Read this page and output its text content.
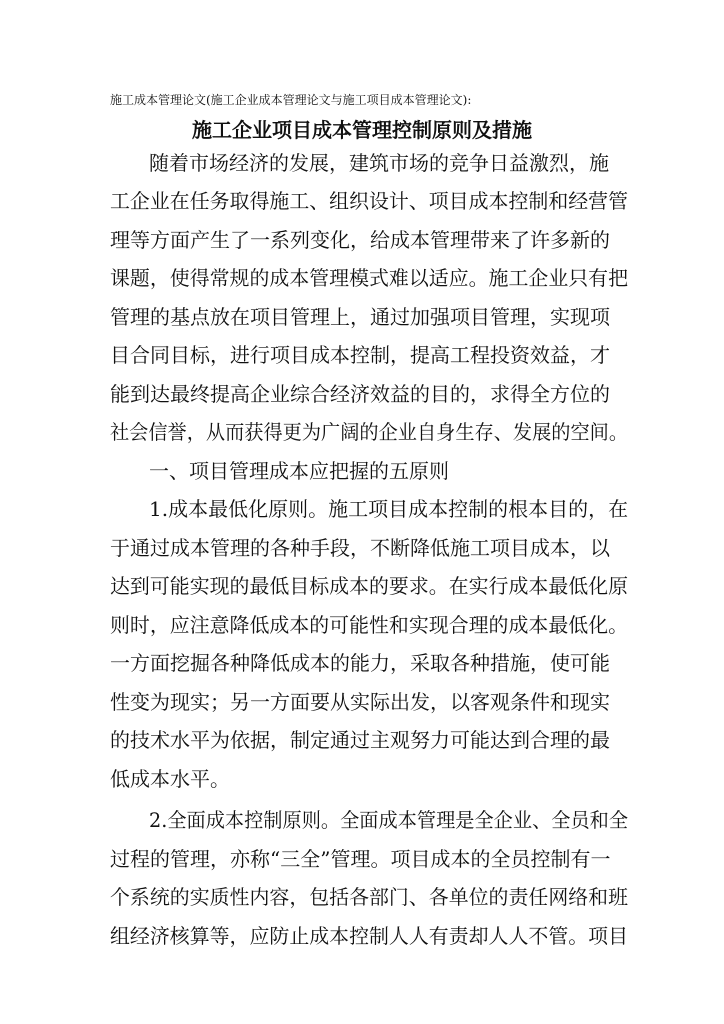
施工成本管理论文(施工企业成本管理论文与施工项目成本管理论文):
施工企业项目成本管理控制原则及措施
随着市场经济的发展，建筑市场的竞争日益激烈，施
工企业在任务取得施工、组织设计、项目成本控制和经营管
理等方面产生了一系列变化，给成本管理带来了许多新的
课题，使得常规的成本管理模式难以适应。施工企业只有把
管理的基点放在项目管理上，通过加强项目管理，实现项
目合同目标，进行项目成本控制，提高工程投资效益，才
能到达最终提高企业综合经济效益的目的，求得全方位的
社会信誉，从而获得更为广阔的企业自身生存、发展的空间。
一、项目管理成本应把握的五原则
1.成本最低化原则。施工项目成本控制的根本目的，在
于通过成本管理的各种手段，不断降低施工项目成本，以
达到可能实现的最低目标成本的要求。在实行成本最低化原
则时，应注意降低成本的可能性和实现合理的成本最低化。
一方面挖掘各种降低成本的能力，采取各种措施，使可能
性变为现实；另一方面要从实际出发，以客观条件和现实
的技术水平为依据，制定通过主观努力可能达到合理的最
低成本水平。
2.全面成本控制原则。全面成本管理是全企业、全员和全
过程的管理，亦称“三全”管理。项目成本的全员控制有一
个系统的实质性内容，包括各部门、各单位的责任网络和班
组经济核算等，应防止成本控制人人有责却人人不管。项目
